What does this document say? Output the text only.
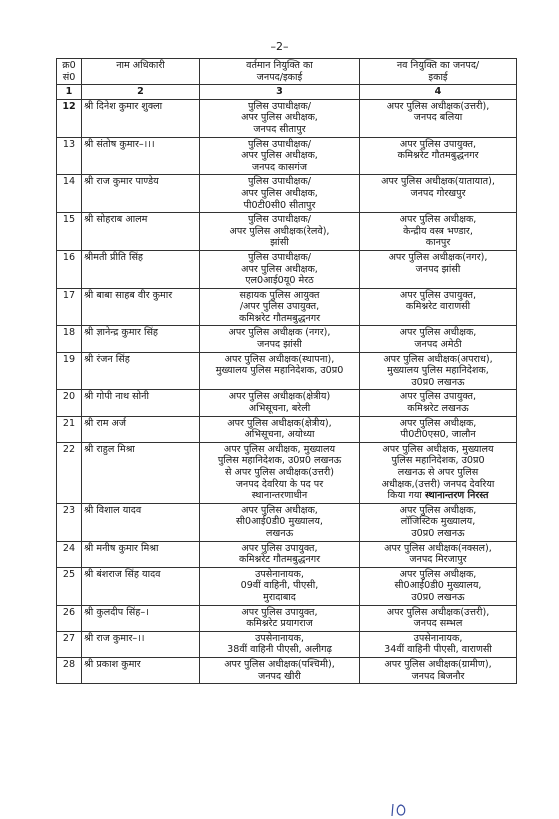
–2–
क्र0
सं0	नाम अधिकारी	वर्तमान नियुक्ति का
जनपद/इकाई	नव नियुक्ति का जनपद/
इकाई

1	2	3	4
12	श्री दिनेश कुमार शुक्ला	पुलिस उपाधीक्षक/
अपर पुलिस अधीक्षक,
जनपद सीतापुर	अपर पुलिस अधीक्षक(उत्तरी),
जनपद बलिया

13	श्री संतोष कुमार–।।।	पुलिस उपाधीक्षक/
अपर पुलिस अधीक्षक,
जनपद कासगंज	अपर पुलिस उपायुक्त,
कमिश्नरेट गौतमबुद्धनगर

14	श्री राज कुमार पाण्डेय	पुलिस उपाधीक्षक/
अपर पुलिस अधीक्षक,
पी0टी0सी0 सीतापुर	अपर पुलिस अधीक्षक(यातायात),
जनपद गोरखपुर

15	श्री सोहराब आलम	पुलिस उपाधीक्षक/
अपर पुलिस अधीक्षक(रेलवे),
झांसी	अपर पुलिस अधीक्षक,
केन्द्रीय वस्त्र भण्डार,
कानपुर

16	श्रीमती प्रीति सिंह	पुलिस उपाधीक्षक/
अपर पुलिस अधीक्षक,
एल0आई0यू0 मेरठ	अपर पुलिस अधीक्षक(नगर),
जनपद झांसी

17	श्री बाबा साहब वीर कुमार	सहायक पुलिस आयुक्त
/अपर पुलिस उपायुक्त,
कमिश्नरेट गौतमबुद्धनगर	अपर पुलिस उपायुक्त,
कमिश्नरेट वाराणसी

18	श्री ज्ञानेन्द्र कुमार सिंह	अपर पुलिस अधीक्षक (नगर),
जनपद झांसी	अपर पुलिस अधीक्षक,
जनपद अमेठी

19	श्री रंजन सिंह	अपर पुलिस अधीक्षक(स्थापना),
मुख्यालय पुलिस महानिदेशक, उ0प्र0	अपर पुलिस अधीक्षक(अपराध),
मुख्यालय पुलिस महानिदेशक,
उ0प्र0 लखनऊ

20	श्री गोपी नाथ सोनी	अपर पुलिस अधीक्षक(क्षेत्रीय)
अभिसूचना, बरेली	अपर पुलिस उपायुक्त,
कमिश्नरेट लखनऊ

21	श्री राम अर्ज	अपर पुलिस अधीक्षक(क्षेत्रीय),
अभिसूचना, अयोध्या	अपर पुलिस अधीक्षक,
पी0टी0एस0, जालौन

22	श्री राहुल मिश्रा	अपर पुलिस अधीक्षक, मुख्यालय
पुलिस महानिदेशक, उ0प्र0 लखनऊ
से अपर पुलिस अधीक्षक(उत्तरी)
जनपद देवरिया के पद पर
स्थानान्तरणाधीन	अपर पुलिस अधीक्षक, मुख्यालय
पुलिस महानिदेशक, उ0प्र0
लखनऊ से अपर पुलिस
अधीक्षक,(उत्तरी) जनपद देवरिया
किया गया स्थानान्तरण निरस्त

23	श्री विशाल यादव	अपर पुलिस अधीक्षक,
सी0आई0डी0 मुख्यालय,
लखनऊ	अपर पुलिस अधीक्षक,
लॉजिस्टिक मुख्यालय,
उ0प्र0 लखनऊ

24	श्री मनीष कुमार मिश्रा	अपर पुलिस उपायुक्त,
कमिश्नरेट गौतमबुद्धनगर	अपर पुलिस अधीक्षक(नक्सल),
जनपद मिरजापुर

25	श्री बंशराज सिंह यादव	उपसेनानायक,
09वीं वाहिनी, पीएसी,
मुरादाबाद	अपर पुलिस अधीक्षक,
सी0आई0डी0 मुख्यालय,
उ0प्र0 लखनऊ

26	श्री कुलदीप सिंह–।	अपर पुलिस उपायुक्त,
कमिश्नरेट प्रयागराज	अपर पुलिस अधीक्षक(उत्तरी),
जनपद सम्भल

27	श्री राज कुमार–।।	उपसेनानायक,
38वीं वाहिनी पीएसी, अलीगढ़	उपसेनानायक,
34वीं वाहिनी पीएसी, वाराणसी

28	श्री प्रकाश कुमार	अपर पुलिस अधीक्षक(पश्चिमी),
जनपद खीरी	अपर पुलिस अधीक्षक(ग्रामीण),
जनपद बिजनौर
